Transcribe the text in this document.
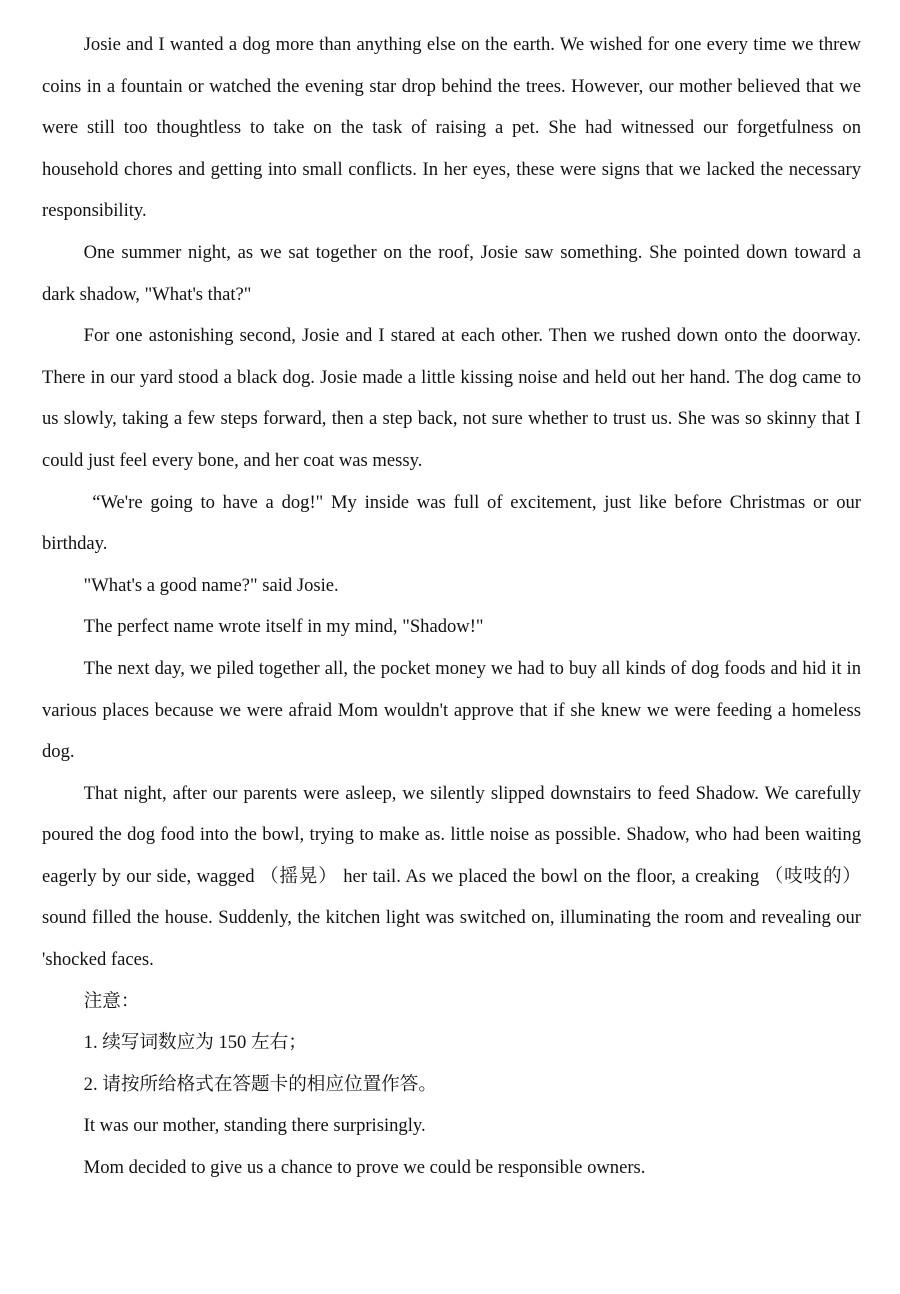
Josie and I wanted a dog more than anything else on the earth. We wished for one every time we threw coins in a fountain or watched the evening star drop behind the trees. However, our mother believed that we were still too thoughtless to take on the task of raising a pet. She had witnessed our forgetfulness on household chores and getting into small conflicts. In her eyes, these were signs that we lacked the necessary responsibility.

One summer night, as we sat together on the roof, Josie saw something. She pointed down toward a dark shadow, "What's that?"

For one astonishing second, Josie and I stared at each other. Then we rushed down onto the doorway. There in our yard stood a black dog. Josie made a little kissing noise and held out her hand. The dog came to us slowly, taking a few steps forward, then a step back, not sure whether to trust us. She was so skinny that I could just feel every bone, and her coat was messy.

“We're going to have a dog!" My inside was full of excitement, just like before Christmas or our birthday.

"What's a good name?" said Josie.

The perfect name wrote itself in my mind, "Shadow!"

The next day, we piled together all, the pocket money we had to buy all kinds of dog foods and hid it in various places because we were afraid Mom wouldn't approve that if she knew we were feeding a homeless dog.

That night, after our parents were asleep, we silently slipped downstairs to feed Shadow. We carefully poured the dog food into the bowl, trying to make as. little noise as possible. Shadow, who had been waiting eagerly by our side, wagged （摇晃） her tail. As we placed the bowl on the floor, a creaking （吱吱的） sound filled the house. Suddenly, the kitchen light was switched on, illuminating the room and revealing our 'shocked faces.

注意：

1. 续写词数应为 150 左右；

2. 请按所给格式在答题卡的相应位置作答。

It was our mother, standing there surprisingly.

Mom decided to give us a chance to prove we could be responsible owners.
